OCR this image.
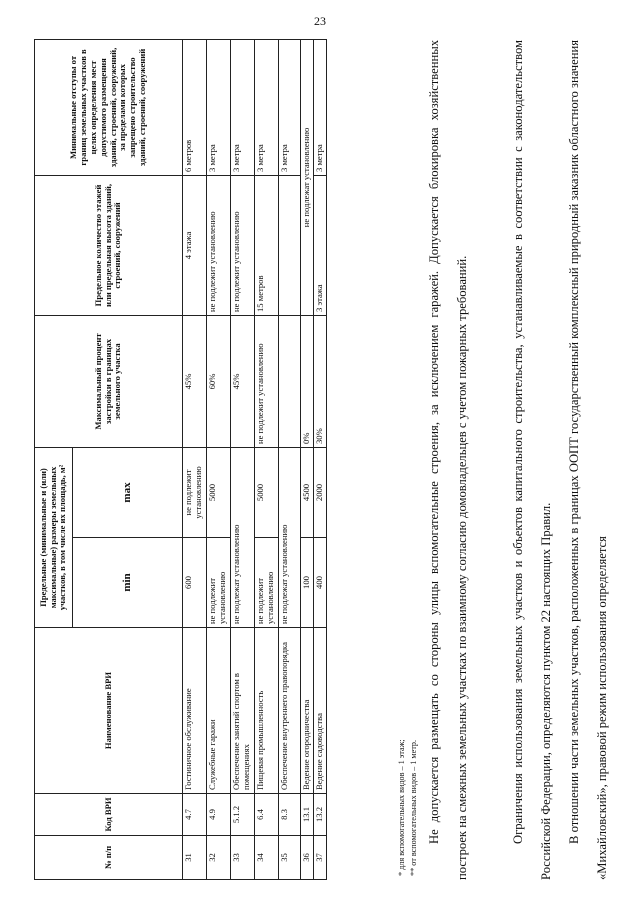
23
№ п/п	Код ВРИ	Наименование ВРИ	Предельные (минимальные и (или) максимальные) размеры земельных участков, в том числе их площадь, м²		Максимальный процент застройки в границах земельного участка	Предельное количество этажей или предельная высота зданий, строений, сооружений	Минимальные отступы от границ земельных участков в целях определения мест допустимого размещения зданий, строений, сооружений, за пределами которых запрещено строительство зданий, строений, сооружений
			min	max			
31	4.7	Гостиничное обслуживание	600	не подлежит установлению	45%	4 этажа	6 метров
32	4.9	Служебные гаражи	не подлежит установлению	5000	60%	не подлежит установлению	3 метра
33	5.1.2	Обеспечение занятий спортом в помещениях	не подлежат установлению		45%	не подлежит установлению	3 метра
34	6.4	Пищевая промышленность	не подлежит установлению	5000	не подлежит установлению	15 метров	3 метра
35	8.3	Обеспечение внутреннего правопорядка	не подлежат установлению				3 метра
36	13.1	Ведение огородничества	100	4500	0%	не подлежат установлению	
37	13.2	Ведение садоводства	400	2000	30%	3 этажа	3 метра
* для вспомогательных видов – 1 этаж; ** от вспомогательных видов – 1 метр. Не допускается размещать со стороны улицы вспомогательные строения, за исключением гаражей. Допускается блокировка хозяйственных построек на смежных земельных участках по взаимному согласию домовладельцев с учетом пожарных требований.	Ограничения использования земельных участков и объектов капитального строительства, устанавливаемые в соответствии с законодательством Российской Федерации, определяются пунктом 22 настоящих Правил.	В отношении части земельных участков, расположенных в границах ООПТ государственный комплексный природный заказник областного значения «Михайловский», правовой режим использования определяется
